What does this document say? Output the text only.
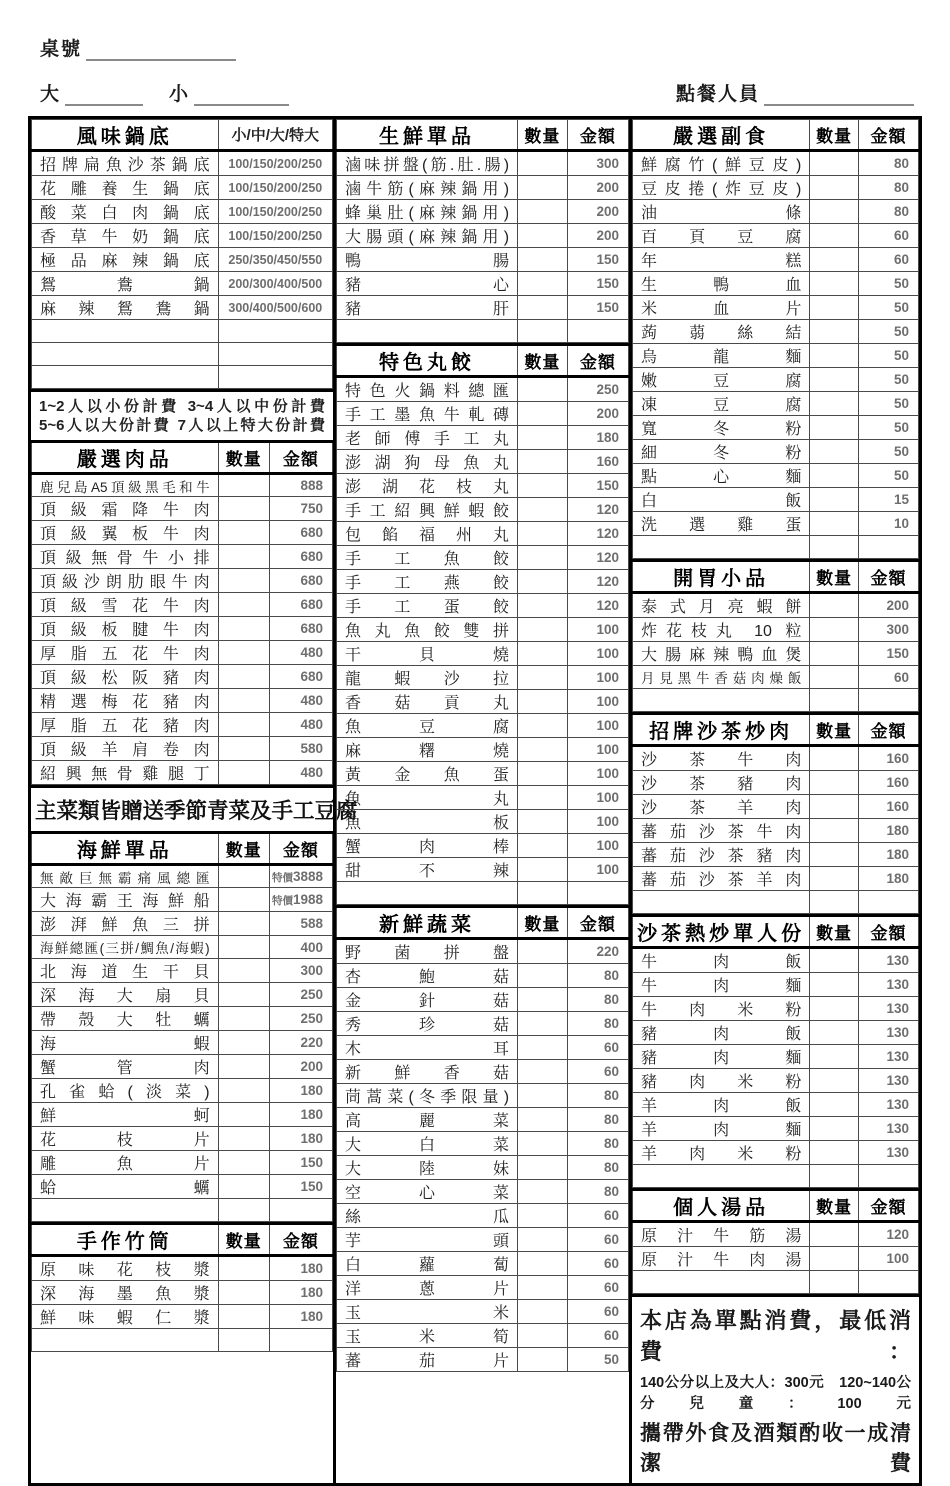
桌號
大	小	點餐人員
風味鍋底	小/中/大/特大
招牌扁魚沙茶鍋底	100/150/200/250
花雕養生鍋底	100/150/200/250
酸菜白肉鍋底	100/150/200/250
香草牛奶鍋底	100/150/200/250
極品麻辣鍋底	250/350/450/550
鴛鴦鍋	200/300/400/500
麻辣鴛鴦鍋	300/400/500/600

1~2人以小份計費 3~4人以中份計費
5~6人以大份計費 7人以上特大份計費
嚴選肉品	數量	金額
鹿兒島A5頂級黑毛和牛		888
頂級霜降牛肉		750
頂級翼板牛肉		680
頂級無骨牛小排		680
頂級沙朗肋眼牛肉		680
頂級雪花牛肉		680
頂級板腱牛肉		680
厚脂五花牛肉		480
頂級松阪豬肉		680
精選梅花豬肉		480
厚脂五花豬肉		480
頂級羊肩卷肉		580
紹興無骨雞腿丁		480
主菜類皆贈送季節青菜及手工豆腐
海鮮單品	數量	金額
無敵巨無霸痛風總匯		特價3888
大海霸王海鮮船		特價1988
澎湃鮮魚三拼		588
海鮮總匯(三拼/鯛魚/海蝦)		400
北海道生干貝		300
深海大扇貝		250
帶殼大牡蠣		250
海蝦		220
蟹管肉		200
孔雀蛤(淡菜)		180
鮮蚵		180
花枝片		180
雕魚片		150
蛤蠣		150

手作竹筒	數量	金額
原味花枝漿		180
深海墨魚漿		180
鮮味蝦仁漿		180

生鮮單品	數量	金額
滷味拼盤(筋.肚.腸)		300
滷牛筋(麻辣鍋用)		200
蜂巢肚(麻辣鍋用)		200
大腸頭(麻辣鍋用)		200
鴨腸		150
豬心		150
豬肝		150

特色丸餃	數量	金額
特色火鍋料總匯		250
手工墨魚牛軋磚		200
老師傅手工丸		180
澎湖狗母魚丸		160
澎湖花枝丸		150
手工紹興鮮蝦餃		120
包餡福州丸		120
手工魚餃		120
手工燕餃		120
手工蛋餃		120
魚丸魚餃雙拼		100
干貝燒		100
龍蝦沙拉		100
香菇貢丸		100
魚豆腐		100
麻糬燒		100
黃金魚蛋		100
魚丸		100
魚板		100
蟹肉棒		100
甜不辣		100

新鮮蔬菜	數量	金額
野菌拼盤		220
杏鮑菇		80
金針菇		80
秀珍菇		80
木耳		60
新鮮香菇		60
茼蒿菜(冬季限量)		80
高麗菜		80
大白菜		80
大陸妹		80
空心菜		80
絲瓜		60
芋頭		60
白蘿蔔		60
洋蔥片		60
玉米		60
玉米筍		60
蕃茄片		50
嚴選副食	數量	金額
鮮腐竹(鮮豆皮)		80
豆皮捲(炸豆皮)		80
油條		80
百頁豆腐		60
年糕		60
生鴨血		50
米血片		50
蒟蒻絲結		50
烏龍麵		50
嫩豆腐		50
凍豆腐		50
寬冬粉		50
細冬粉		50
點心麵		50
白飯		15
洗選雞蛋		10

開胃小品	數量	金額
泰式月亮蝦餅		200
炸花枝丸 10 粒		300
大腸麻辣鴨血煲		150
月見黑牛香菇肉燥飯		60

招牌沙茶炒肉	數量	金額
沙茶牛肉		160
沙茶豬肉		160
沙茶羊肉		160
蕃茄沙茶牛肉		180
蕃茄沙茶豬肉		180
蕃茄沙茶羊肉		180

沙茶熱炒單人份	數量	金額
牛肉飯		130
牛肉麵		130
牛肉米粉		130
豬肉飯		130
豬肉麵		130
豬肉米粉		130
羊肉飯		130
羊肉麵		130
羊肉米粉		130

個人湯品	數量	金額
原汁牛筋湯		120
原汁牛肉湯		100

本店為單點消費，最低消費：
140公分以上及大人：300元　120~140公分兒童：100元
攜帶外食及酒類酌收一成清潔費
